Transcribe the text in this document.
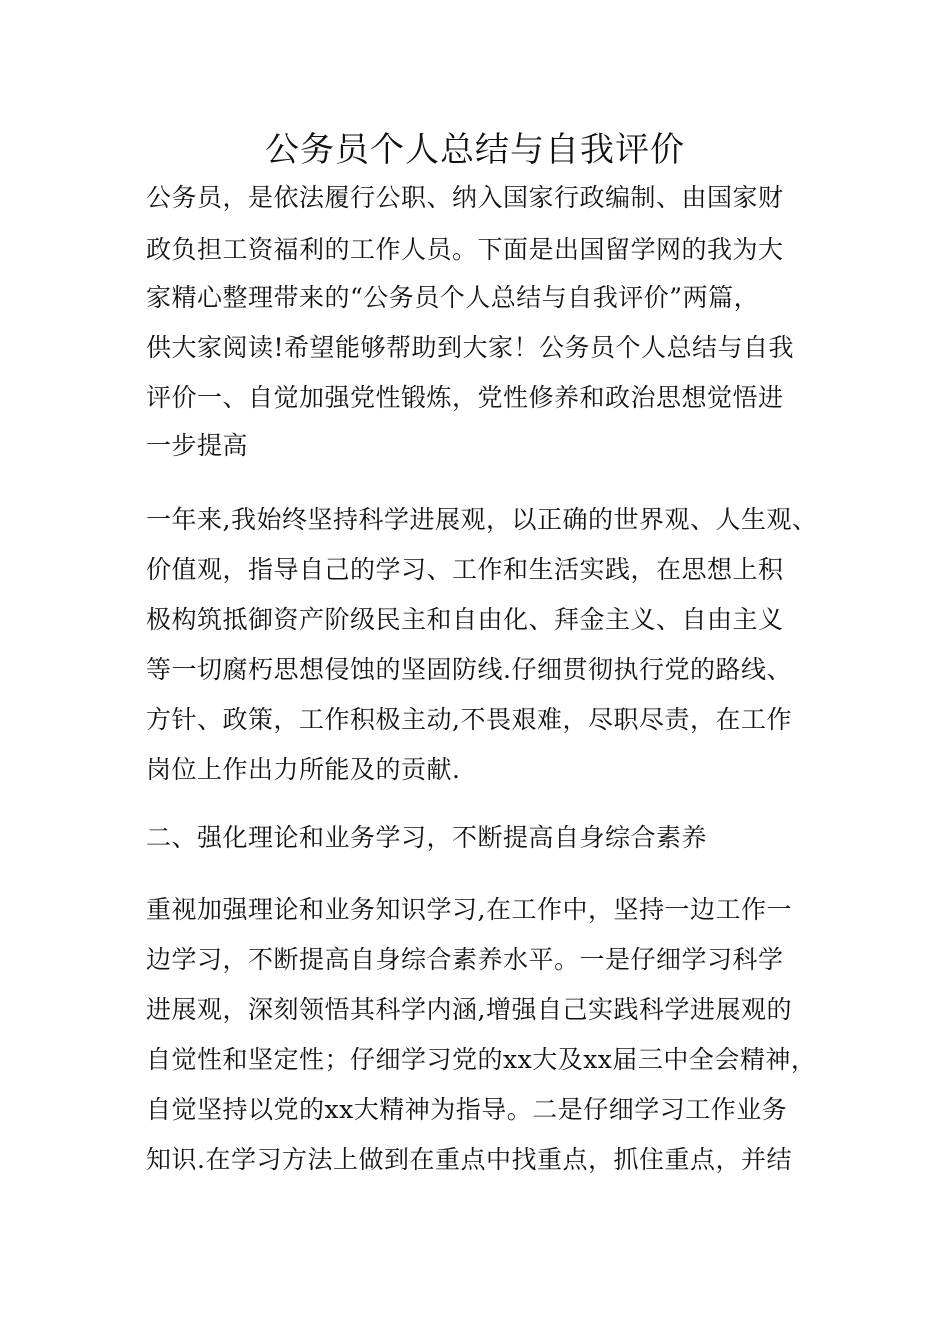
公务员个人总结与自我评价
公务员，是依法履行公职、纳入国家行政编制、由国家财
政负担工资福利的工作人员。下面是出国留学网的我为大
家精心整理带来的“公务员个人总结与自我评价”两篇，
供大家阅读!希望能够帮助到大家！公务员个人总结与自我
评价一、自觉加强党性锻炼，党性修养和政治思想觉悟进
一步提高
一年来,我始终坚持科学进展观，以正确的世界观、人生观、
价值观，指导自己的学习、工作和生活实践，在思想上积
极构筑抵御资产阶级民主和自由化、拜金主义、自由主义
等一切腐朽思想侵蚀的坚固防线.仔细贯彻执行党的路线、
方针、政策，工作积极主动,不畏艰难，尽职尽责，在工作
岗位上作出力所能及的贡献.
二、强化理论和业务学习，不断提高自身综合素养
重视加强理论和业务知识学习,在工作中，坚持一边工作一
边学习，不断提高自身综合素养水平。一是仔细学习科学
进展观，深刻领悟其科学内涵,增强自己实践科学进展观的
自觉性和坚定性；仔细学习党的xx大及xx届三中全会精神，
自觉坚持以党的xx大精神为指导。二是仔细学习工作业务
知识.在学习方法上做到在重点中找重点，抓住重点，并结
